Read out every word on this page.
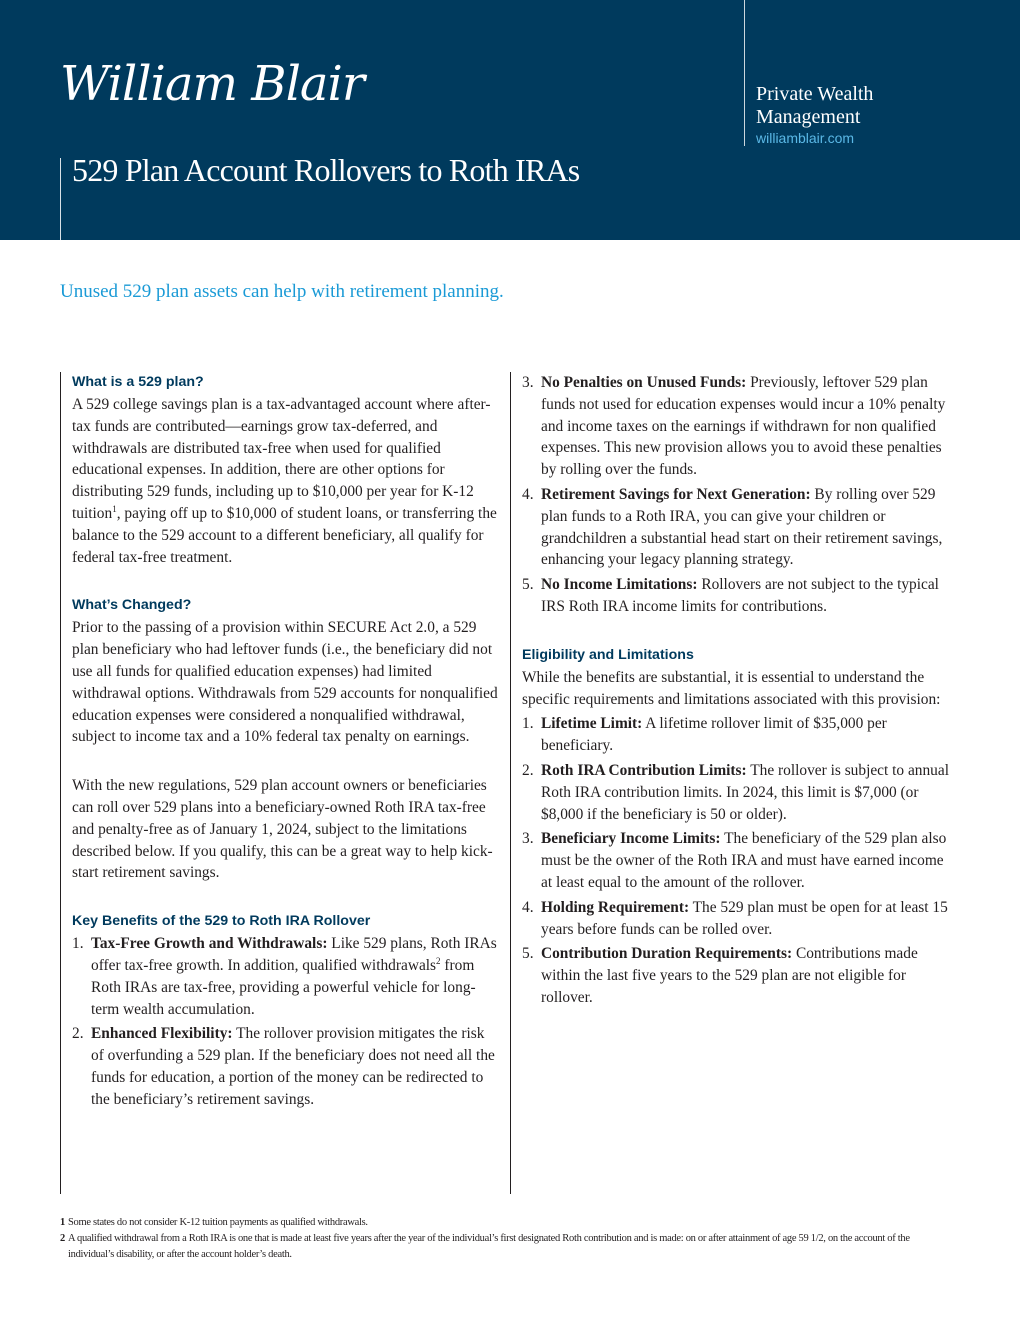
William Blair	Private Wealth
Management
williamblair.com
529 Plan Account Rollovers to Roth IRAs
Unused 529 plan assets can help with retirement planning.
What is a 529 plan?

A 529 college savings plan is a tax-advantaged account where after-tax funds are contributed—earnings grow tax-deferred, and withdrawals are distributed tax-free when used for qualified educational expenses. In addition, there are other options for distributing 529 funds, including up to $10,000 per year for K-12 tuition$^1$, paying off up to $10,000 of student loans, or transferring the balance to the 529 account to a different beneficiary, all qualify for federal tax-free treatment.

What’s Changed?

Prior to the passing of a provision within SECURE Act 2.0, a 529 plan beneficiary who had leftover funds (i.e., the beneficiary did not use all funds for qualified education expenses) had limited withdrawal options. Withdrawals from 529 accounts for nonqualified education expenses were considered a nonqualified withdrawal, subject to income tax and a 10% federal tax penalty on earnings.

With the new regulations, 529 plan account owners or beneficiaries can roll over 529 plans into a beneficiary-owned Roth IRA tax-free and penalty-free as of January 1, 2024, subject to the limitations described below. If you qualify, this can be a great way to help kick-start retirement savings.

Key Benefits of the 529 to Roth IRA Rollover
1. Tax-Free Growth and Withdrawals: Like 529 plans, Roth IRAs offer tax-free growth. In addition, qualified withdrawals$^2$ from Roth IRAs are tax-free, providing a powerful vehicle for long-term wealth accumulation.
2. Enhanced Flexibility: The rollover provision mitigates the risk of overfunding a 529 plan. If the beneficiary does not need all the funds for education, a portion of the money can be redirected to the beneficiary’s retirement savings.
3. No Penalties on Unused Funds: Previously, leftover 529 plan funds not used for education expenses would incur a 10% penalty and income taxes on the earnings if withdrawn for non qualified expenses. This new provision allows you to avoid these penalties by rolling over the funds.
4. Retirement Savings for Next Generation: By rolling over 529 plan funds to a Roth IRA, you can give your children or grandchildren a substantial head start on their retirement savings, enhancing your legacy planning strategy.
5. No Income Limitations: Rollovers are not subject to the typical IRS Roth IRA income limits for contributions.
Eligibility and Limitations

While the benefits are substantial, it is essential to understand the specific requirements and limitations associated with this provision:

1. Lifetime Limit: A lifetime rollover limit of $35,000 per beneficiary.
2. Roth IRA Contribution Limits: The rollover is subject to annual Roth IRA contribution limits. In 2024, this limit is $7,000 (or $8,000 if the beneficiary is 50 or older).
3. Beneficiary Income Limits: The beneficiary of the 529 plan also must be the owner of the Roth IRA and must have earned income at least equal to the amount of the rollover.
4. Holding Requirement: The 529 plan must be open for at least 15 years before funds can be rolled over.
5. Contribution Duration Requirements: Contributions made within the last five years to the 529 plan are not eligible for rollover.
1 Some states do not consider K-12 tuition payments as qualified withdrawals.
2 A qualified withdrawal from a Roth IRA is one that is made at least five years after the year of the individual’s first designated Roth contribution and is made: on or after attainment of age 59 1/2, on the account of the individual’s disability, or after the account holder’s death.
